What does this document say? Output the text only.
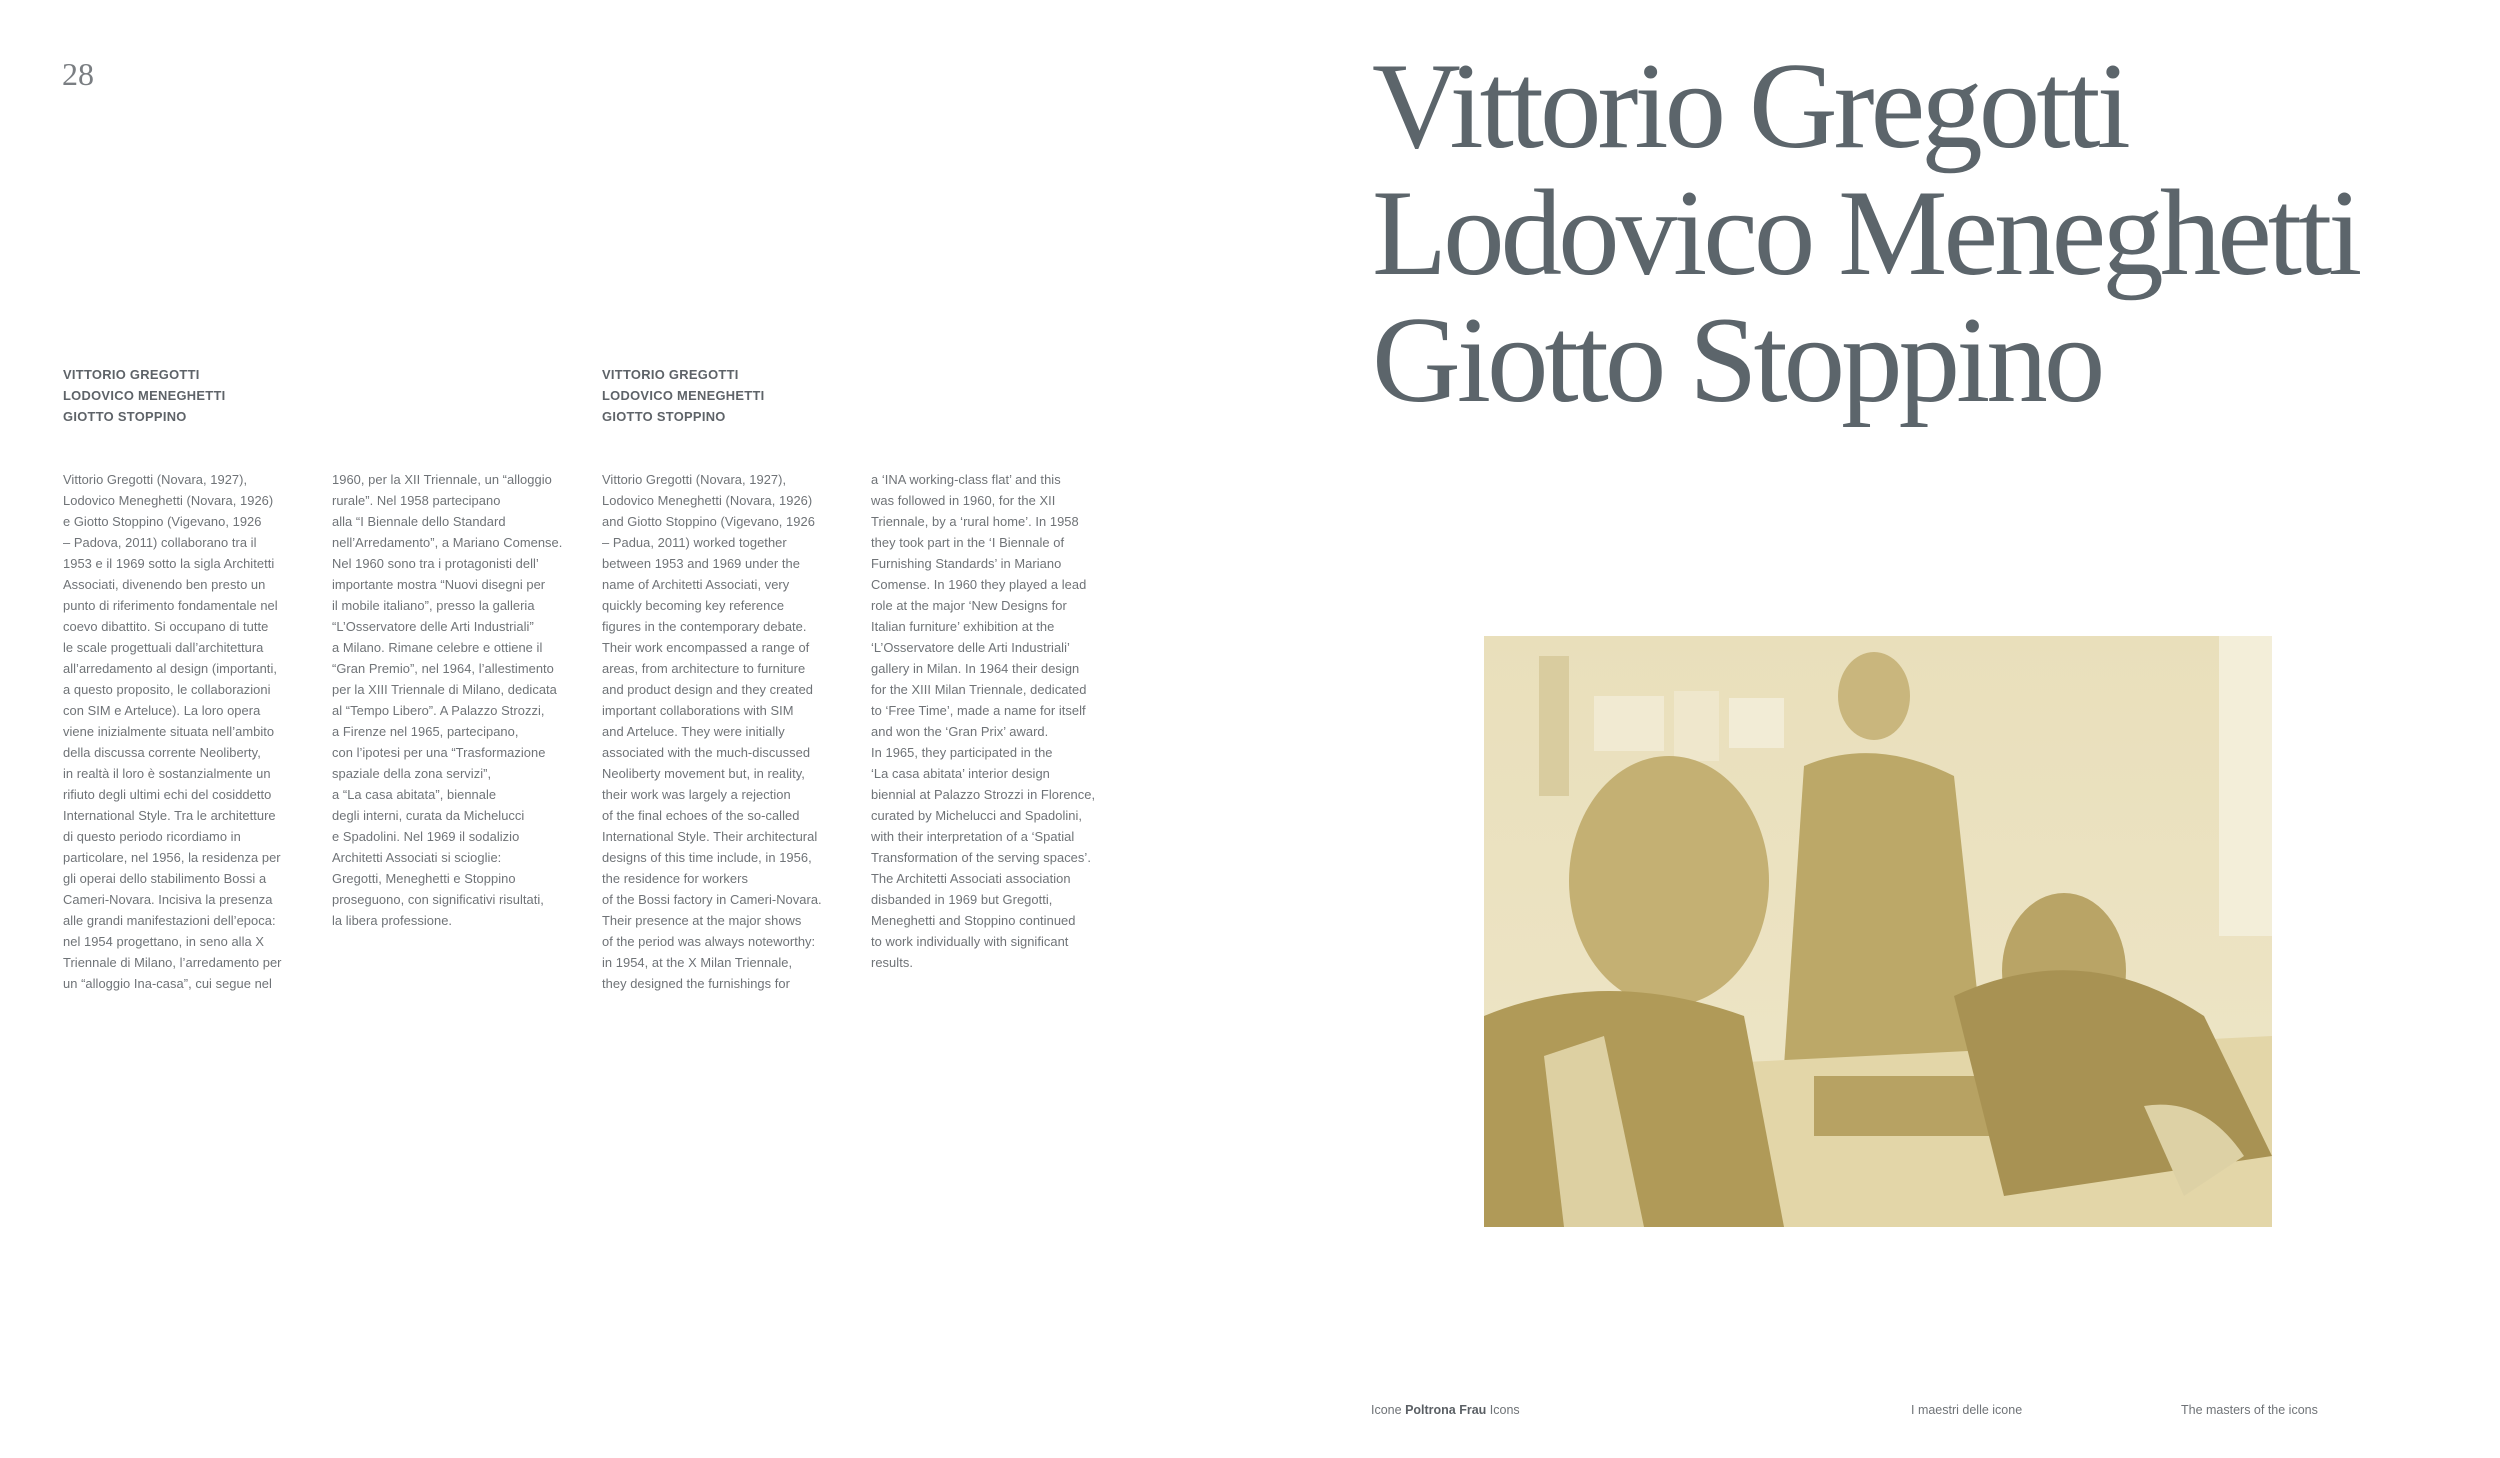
28

VITTORIO GREGOTTI
LODOVICO MENEGHETTI
GIOTTO STOPPINO

Vittorio Gregotti (Novara, 1927),
Lodovico Meneghetti (Novara, 1926)
e Giotto Stoppino (Vigevano, 1926
– Padova, 2011) collaborano tra il
1953 e il 1969 sotto la sigla Architetti
Associati, divenendo ben presto un
punto di riferimento fondamentale nel
coevo dibattito. Si occupano di tutte
le scale progettuali dall’architettura
all’arredamento al design (importanti,
a questo proposito, le collaborazioni
con SIM e Arteluce). La loro opera
viene inizialmente situata nell’ambito
della discussa corrente Neoliberty,
in realtà il loro è sostanzialmente un
rifiuto degli ultimi echi del cosiddetto
International Style. Tra le architetture
di questo periodo ricordiamo in
particolare, nel 1956, la residenza per
gli operai dello stabilimento Bossi a
Cameri-Novara. Incisiva la presenza
alle grandi manifestazioni dell’epoca:
nel 1954 progettano, in seno alla X
Triennale di Milano, l’arredamento per
un “alloggio Ina-casa”, cui segue nel

1960, per la XII Triennale, un “alloggio
rurale”. Nel 1958 partecipano
alla “I Biennale dello Standard
nell’Arredamento”, a Mariano Comense.
Nel 1960 sono tra i protagonisti dell’
importante mostra “Nuovi disegni per
il mobile italiano”, presso la galleria
“L’Osservatore delle Arti Industriali”
a Milano. Rimane celebre e ottiene il
“Gran Premio”, nel 1964, l’allestimento
per la XIII Triennale di Milano, dedicata
al “Tempo Libero”. A Palazzo Strozzi,
a Firenze nel 1965, partecipano,
con l’ipotesi per una “Trasformazione
spaziale della zona servizi”,
a “La casa abitata”, biennale
degli interni, curata da Michelucci
e Spadolini. Nel 1969 il sodalizio
Architetti Associati si scioglie:
Gregotti, Meneghetti e Stoppino
proseguono, con significativi risultati,
la libera professione.

VITTORIO GREGOTTI
LODOVICO MENEGHETTI
GIOTTO STOPPINO

Vittorio Gregotti (Novara, 1927),
Lodovico Meneghetti (Novara, 1926)
and Giotto Stoppino (Vigevano, 1926
– Padua, 2011) worked together
between 1953 and 1969 under the
name of Architetti Associati, very
quickly becoming key reference
figures in the contemporary debate.
Their work encompassed a range of
areas, from architecture to furniture
and product design and they created
important collaborations with SIM
and Arteluce. They were initially
associated with the much-discussed
Neoliberty movement but, in reality,
their work was largely a rejection
of the final echoes of the so-called
International Style. Their architectural
designs of this time include, in 1956,
the residence for workers
of the Bossi factory in Cameri-Novara.
Their presence at the major shows
of the period was always noteworthy:
in 1954, at the X Milan Triennale,
they designed the furnishings for

a ‘INA working-class flat’ and this
was followed in 1960, for the XII
Triennale, by a ‘rural home’. In 1958
they took part in the ‘I Biennale of
Furnishing Standards’ in Mariano
Comense. In 1960 they played a lead
role at the major ‘New Designs for
Italian furniture’ exhibition at the
‘L’Osservatore delle Arti Industriali’
gallery in Milan. In 1964 their design
for the XIII Milan Triennale, dedicated
to ‘Free Time’, made a name for itself
and won the ‘Gran Prix’ award.
In 1965, they participated in the
‘La casa abitata’ interior design
biennial at Palazzo Strozzi in Florence,
curated by Michelucci and Spadolini,
with their interpretation of a ‘Spatial
Transformation of the serving spaces’.
The Architetti Associati association
disbanded in 1969 but Gregotti,
Meneghetti and Stoppino continued
to work individually with significant
results.

Vittorio Gregotti
Lodovico Meneghetti
Giotto Stoppino
Icone Poltrona Frau Icons	I maestri delle icone	The masters of the icons
